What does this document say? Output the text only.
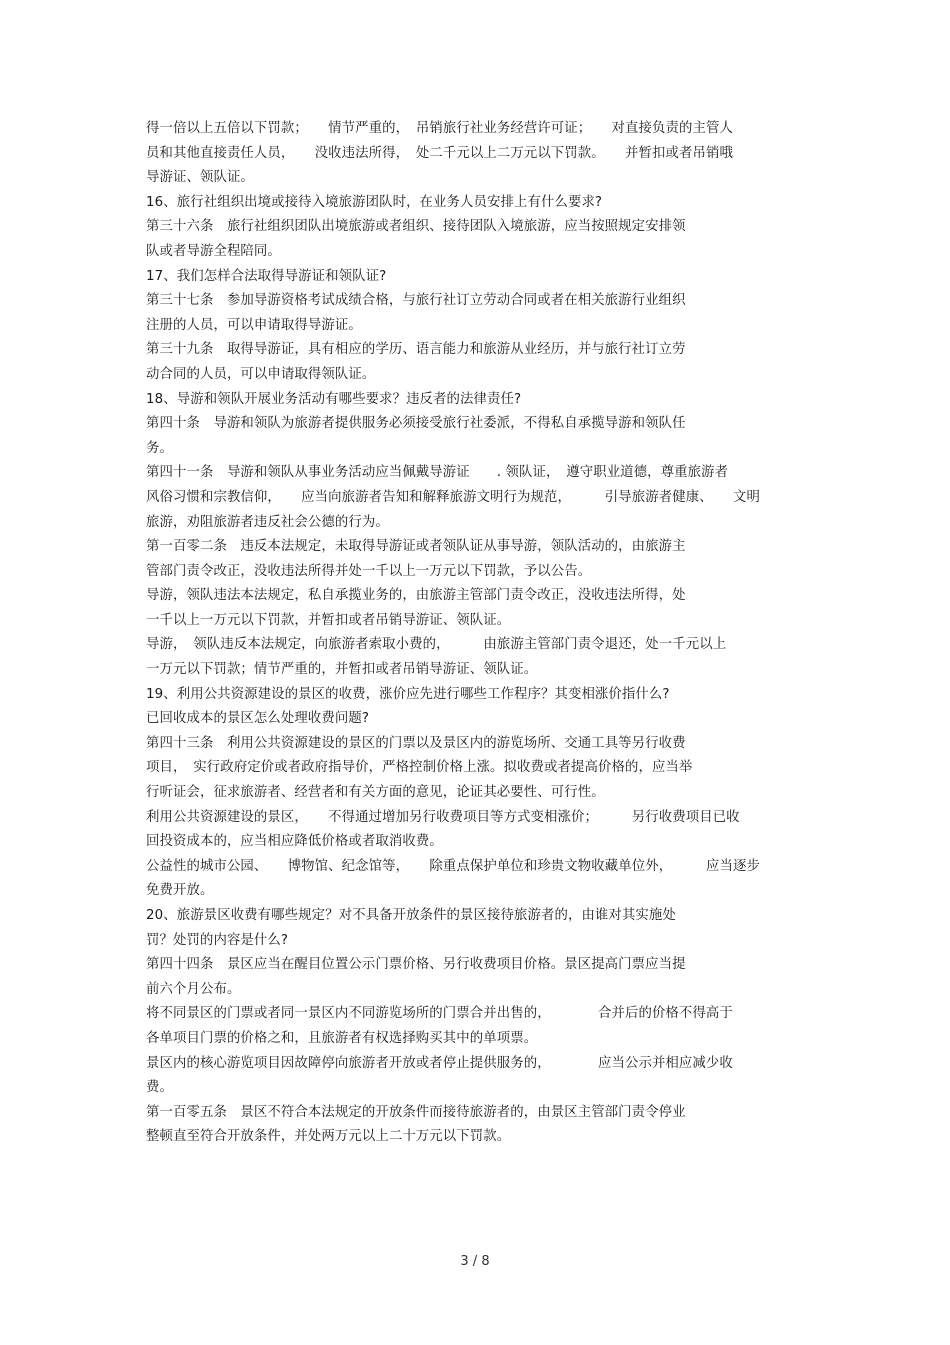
得一倍以上五倍以下罚款；　　情节严重的，　吊销旅行社业务经营许可证；　　对直接负责的主管人
员和其他直接责任人员，　　没收违法所得，　处二千元以上二万元以下罚款。　　并暂扣或者吊销哦
导游证、领队证。
16、旅行社组织出境或接待入境旅游团队时，在业务人员安排上有什么要求?
第三十六条　旅行社组织团队出境旅游或者组织、接待团队入境旅游，应当按照规定安排领
队或者导游全程陪同。
17、我们怎样合法取得导游证和领队证?
第三十七条　参加导游资格考试成绩合格，与旅行社订立劳动合同或者在相关旅游行业组织
注册的人员，可以申请取得导游证。
第三十九条　取得导游证，具有相应的学历、语言能力和旅游从业经历，并与旅行社订立劳
动合同的人员，可以申请取得领队证。
18、导游和领队开展业务活动有哪些要求？违反者的法律责任?
第四十条　导游和领队为旅游者提供服务必须接受旅行社委派，不得私自承揽导游和领队任
务。
第四十一条　导游和领队从事业务活动应当佩戴导游证　　. 领队证，　遵守职业道德，尊重旅游者
风俗习惯和宗教信仰，　　应当向旅游者告知和解释旅游文明行为规范，　　　引导旅游者健康、　　文明
旅游，劝阻旅游者违反社会公德的行为。
第一百零二条　违反本法规定，未取得导游证或者领队证从事导游，领队活动的，由旅游主
管部门责令改正，没收违法所得并处一千以上一万元以下罚款，予以公告。
导游，领队违法本法规定，私自承揽业务的，由旅游主管部门责令改正，没收违法所得，处
一千以上一万元以下罚款，并暂扣或者吊销导游证、领队证。
导游，　领队违反本法规定，向旅游者索取小费的，　　　由旅游主管部门责令退还，处一千元以上
一万元以下罚款；情节严重的，并暂扣或者吊销导游证、领队证。
19、利用公共资源建设的景区的收费，涨价应先进行哪些工作程序？其变相涨价指什么?
已回收成本的景区怎么处理收费问题?
第四十三条　利用公共资源建设的景区的门票以及景区内的游览场所、交通工具等另行收费
项目，　实行政府定价或者政府指导价，严格控制价格上涨。拟收费或者提高价格的，应当举
行听证会，征求旅游者、经营者和有关方面的意见，论证其必要性、可行性。
利用公共资源建设的景区，　　不得通过增加另行收费项目等方式变相涨价；　　　另行收费项目已收
回投资成本的，应当相应降低价格或者取消收费。
公益性的城市公园、　　博物馆、纪念馆等，　　除重点保护单位和珍贵文物收藏单位外，　　　应当逐步
免费开放。
20、旅游景区收费有哪些规定？对不具备开放条件的景区接待旅游者的，由谁对其实施处
罚？处罚的内容是什么?
第四十四条　景区应当在醒目位置公示门票价格、另行收费项目价格。景区提高门票应当提
前六个月公布。
将不同景区的门票或者同一景区内不同游览场所的门票合并出售的，　　　　合并后的价格不得高于
各单项目门票的价格之和，且旅游者有权选择购买其中的单项票。
景区内的核心游览项目因故障停向旅游者开放或者停止提供服务的，　　　　应当公示并相应减少收
费。
第一百零五条　景区不符合本法规定的开放条件而接待旅游者的，由景区主管部门责令停业
整顿直至符合开放条件，并处两万元以上二十万元以下罚款。
3 / 8
